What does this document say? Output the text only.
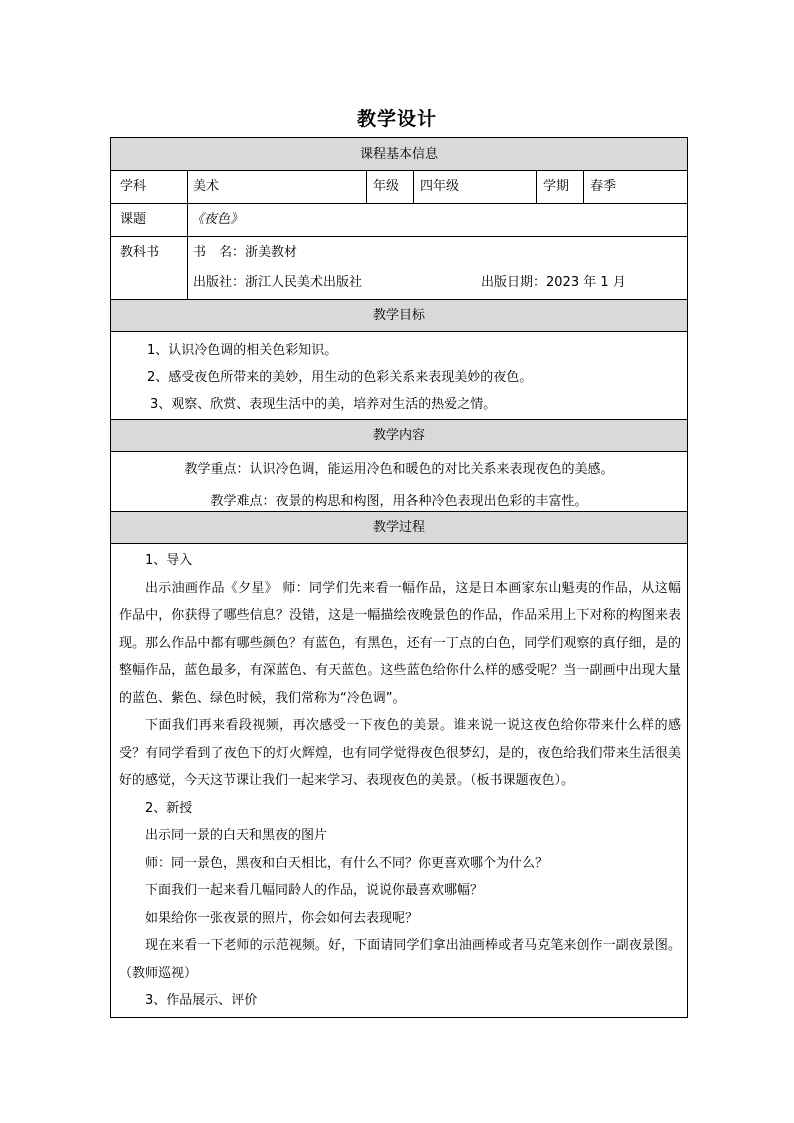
教学设计
课程基本信息
学科	美术	年级 四年级	学期 春季
课题	《夜色》
教科书	书　名：浙美教材
出版社：浙江人民美术出版社	出版日期：2023 年 1 月
教学目标
1、认识冷色调的相关色彩知识。
2、感受夜色所带来的美妙，用生动的色彩关系来表现美妙的夜色。
3、观察、欣赏、表现生活中的美，培养对生活的热爱之情。
教学内容
教学重点：认识冷色调，能运用冷色和暖色的对比关系来表现夜色的美感。
教学难点：夜景的构思和构图，用各种冷色表现出色彩的丰富性。
教学过程

1、导入

出示油画作品《夕星》 师：同学们先来看一幅作品，这是日本画家东山魁夷的作品，从这幅作品中，你获得了哪些信息？没错，这是一幅描绘夜晚景色的作品，作品采用上下对称的构图来表现。那么作品中都有哪些颜色？有蓝色，有黑色，还有一丁点的白色，同学们观察的真仔细，是的整幅作品，蓝色最多，有深蓝色、有天蓝色。这些蓝色给你什么样的感受呢？当一副画中出现大量的蓝色、紫色、绿色时候，我们常称为“冷色调”。

下面我们再来看段视频，再次感受一下夜色的美景。谁来说一说这夜色给你带来什么样的感受？有同学看到了夜色下的灯火辉煌，也有同学觉得夜色很梦幻，是的，夜色给我们带来生活很美好的感觉，今天这节课让我们一起来学习、表现夜色的美景。（板书课题夜色）。

2、新授

出示同一景的白天和黑夜的图片

师：同一景色，黑夜和白天相比，有什么不同？你更喜欢哪个为什么？

下面我们一起来看几幅同龄人的作品，说说你最喜欢哪幅？

如果给你一张夜景的照片，你会如何去表现呢？

现在来看一下老师的示范视频。好，下面请同学们拿出油画棒或者马克笔来创作一副夜景图。（教师巡视）

3、作品展示、评价
